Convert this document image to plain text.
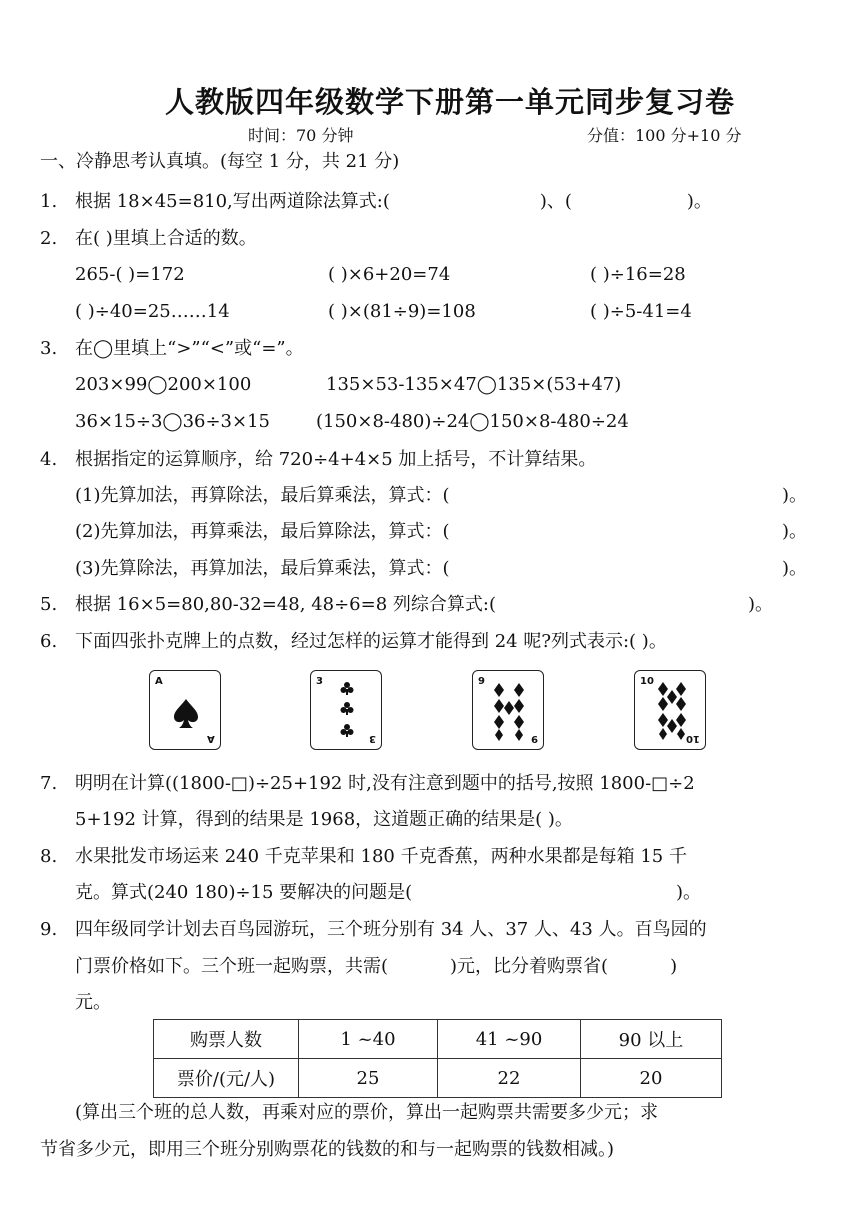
人教版四年级数学下册第一单元同步复习卷
时间：70 分钟	分值：100 分+10 分
一、冷静思考认真填。(每空 1 分，共 21 分)
1. 根据 18×45=810,写出两道除法算式:(	)、(	)。
2. 在( )里填上合适的数。
265-( )=172	( )×6+20=74	( )÷16=28
( )÷40=25……14	( )×(81÷9)=108	( )÷5-41=4
3. 在◯里填上“>”“<”或“=”。
203×99◯200×100	135×53-135×47◯135×(53+47)
36×15÷3◯36÷3×15	(150×8-480)÷24◯150×8-480÷24
4. 根据指定的运算顺序，给 720÷4+4×5 加上括号，不计算结果。
(1)先算加法，再算除法，最后算乘法，算式：(	)。
(2)先算加法，再算乘法，最后算除法，算式：(	)。
(3)先算除法，再算加法，最后算乘法，算式：(	)。
5. 根据 16×5=80,80-32=48, 48÷6=8 列综合算式:(	)。
6. 下面四张扑克牌上的点数，经过怎样的运算才能得到 24 呢?列式表示:( )。
A
A
3
3
9
9
10
10
7. 明明在计算((1800-□)÷25+192 时,没有注意到题中的括号,按照 1800-□÷2
5+192 计算，得到的结果是 1968，这道题正确的结果是( )。
8. 水果批发市场运来 240 千克苹果和 180 千克香蕉，两种水果都是每箱 15 千
克。算式(240 180)÷15 要解决的问题是(	)。
9. 四年级同学计划去百鸟园游玩，三个班分别有 34 人、37 人、43 人。百鸟园的
门票价格如下。三个班一起购票，共需(	)元，比分着购票省(	)
元。
购票人数	1 ~40	41 ~90	90 以上
票价/(元/人)	25	22	20
(算出三个班的总人数，再乘对应的票价，算出一起购票共需要多少元；求
节省多少元，即用三个班分别购票花的钱数的和与一起购票的钱数相减。)
